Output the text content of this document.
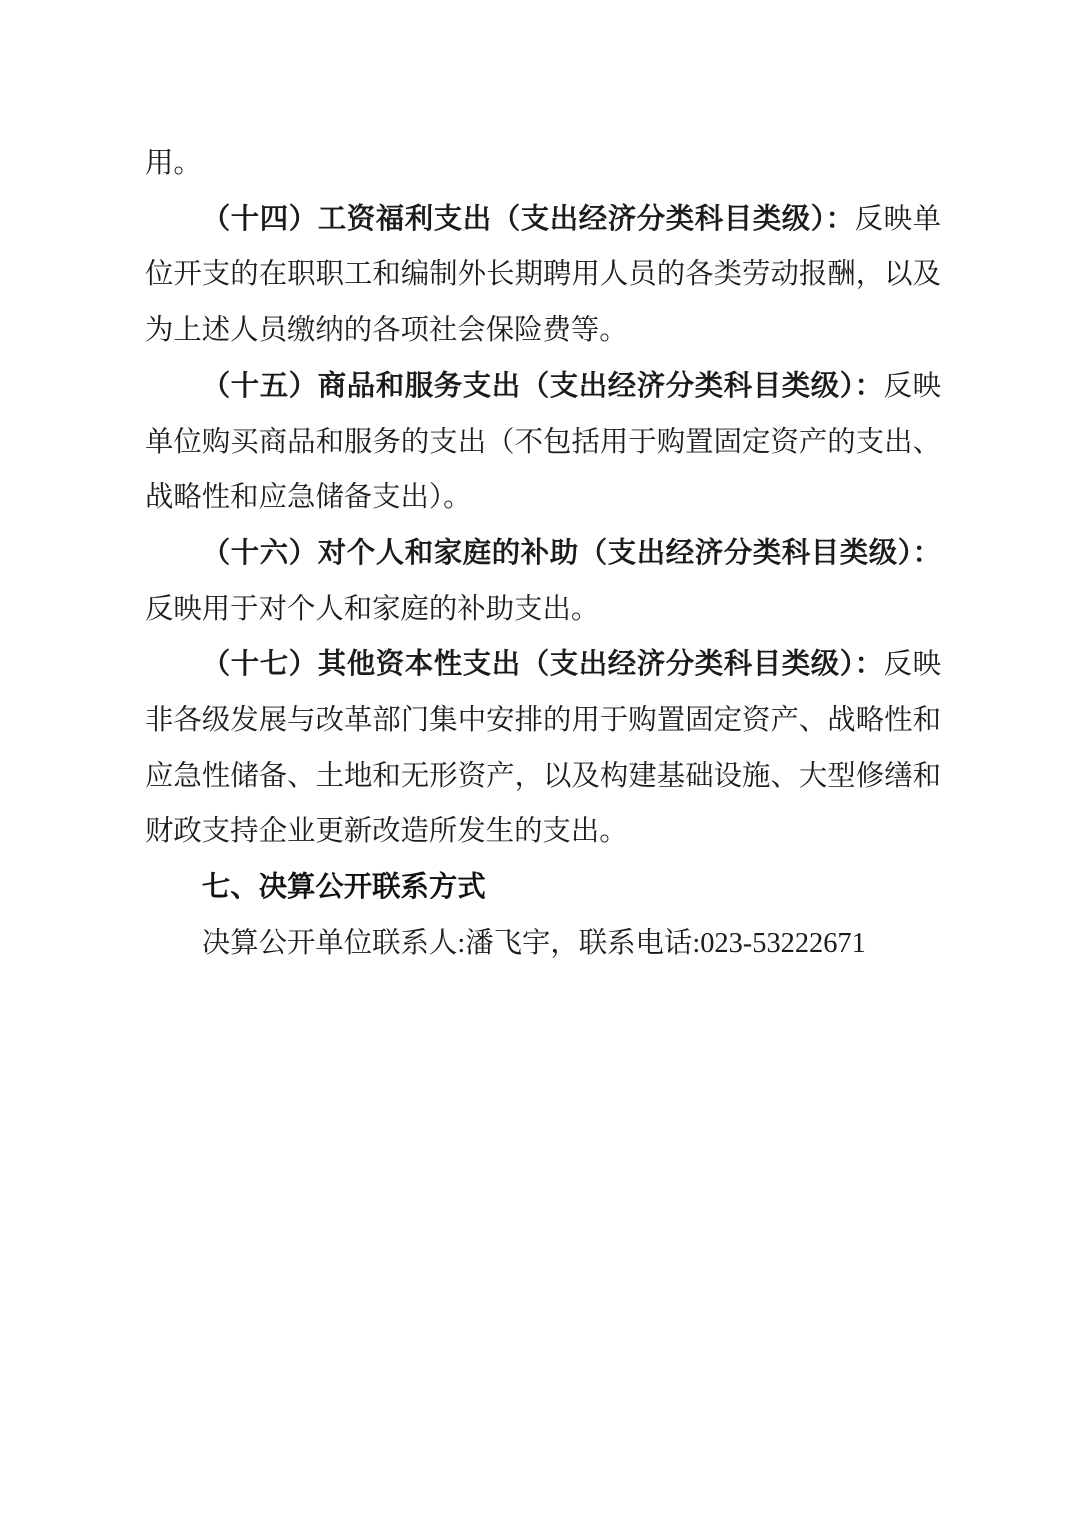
用。

（十四）工资福利支出（支出经济分类科目类级）：反映单位开支的在职职工和编制外长期聘用人员的各类劳动报酬，以及为上述人员缴纳的各项社会保险费等。

（十五）商品和服务支出（支出经济分类科目类级）：反映单位购买商品和服务的支出（不包括用于购置固定资产的支出、战略性和应急储备支出）。

（十六）对个人和家庭的补助（支出经济分类科目类级）：反映用于对个人和家庭的补助支出。

（十七）其他资本性支出（支出经济分类科目类级）：反映非各级发展与改革部门集中安排的用于购置固定资产、战略性和应急性储备、土地和无形资产，以及构建基础设施、大型修缮和财政支持企业更新改造所发生的支出。

七、决算公开联系方式

决算公开单位联系人:潘飞宇，联系电话:023-53222671
